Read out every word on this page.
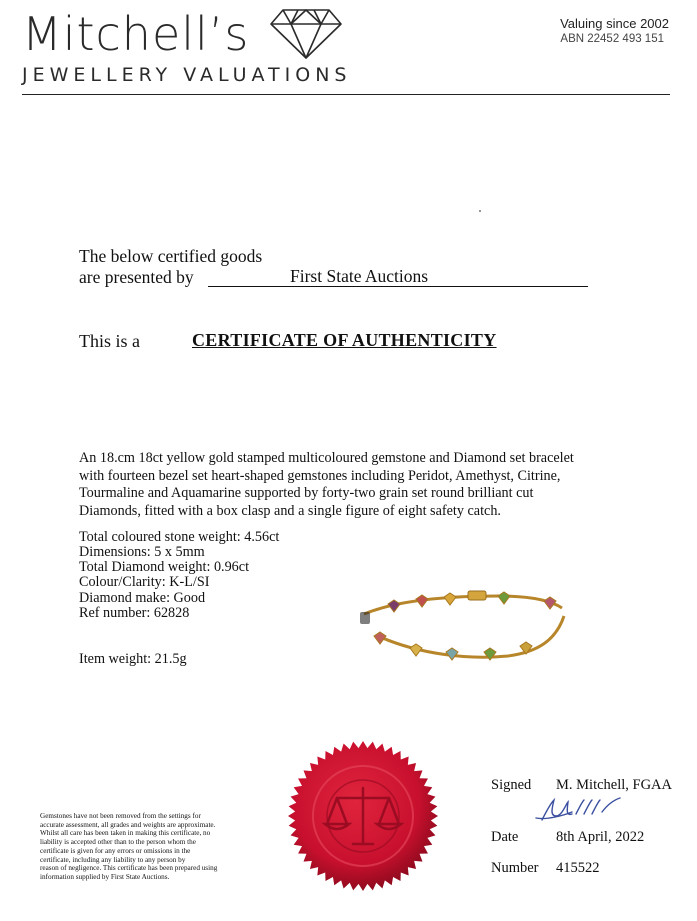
Mitchell’s
JEWELLERY VALUATIONS
Valuing since 2002
ABN 22452 493 151
The below certified goods
are presented by	First State Auctions
This is a	CERTIFICATE OF AUTHENTICITY
An 18.cm 18ct yellow gold stamped multicoloured gemstone and Diamond set bracelet
with fourteen bezel set heart-shaped gemstones including Peridot, Amethyst, Citrine,
Tourmaline and Aquamarine supported by forty-two grain set round brilliant cut
Diamonds, fitted with a box clasp and a single figure of eight safety catch.
Total coloured stone weight: 4.56ct
Dimensions: 5 x 5mm
Total Diamond weight: 0.96ct
Colour/Clarity: K-L/SI
Diamond make: Good
Ref number: 62828
Item weight: 21.5g
Signed M. Mitchell, FGAA
Date	8th April, 2022
Number 415522
Gemstones have not been removed from the settings for
accurate assessment, all grades and weights are approximate.
Whilst all care has been taken in making this certificate, no
liability is accepted other than to the person whom the
certificate is given for any errors or omissions in the
certificate, including any liability to any person by
reason of negligence. This certificate has been prepared using
information supplied by First State Auctions.
